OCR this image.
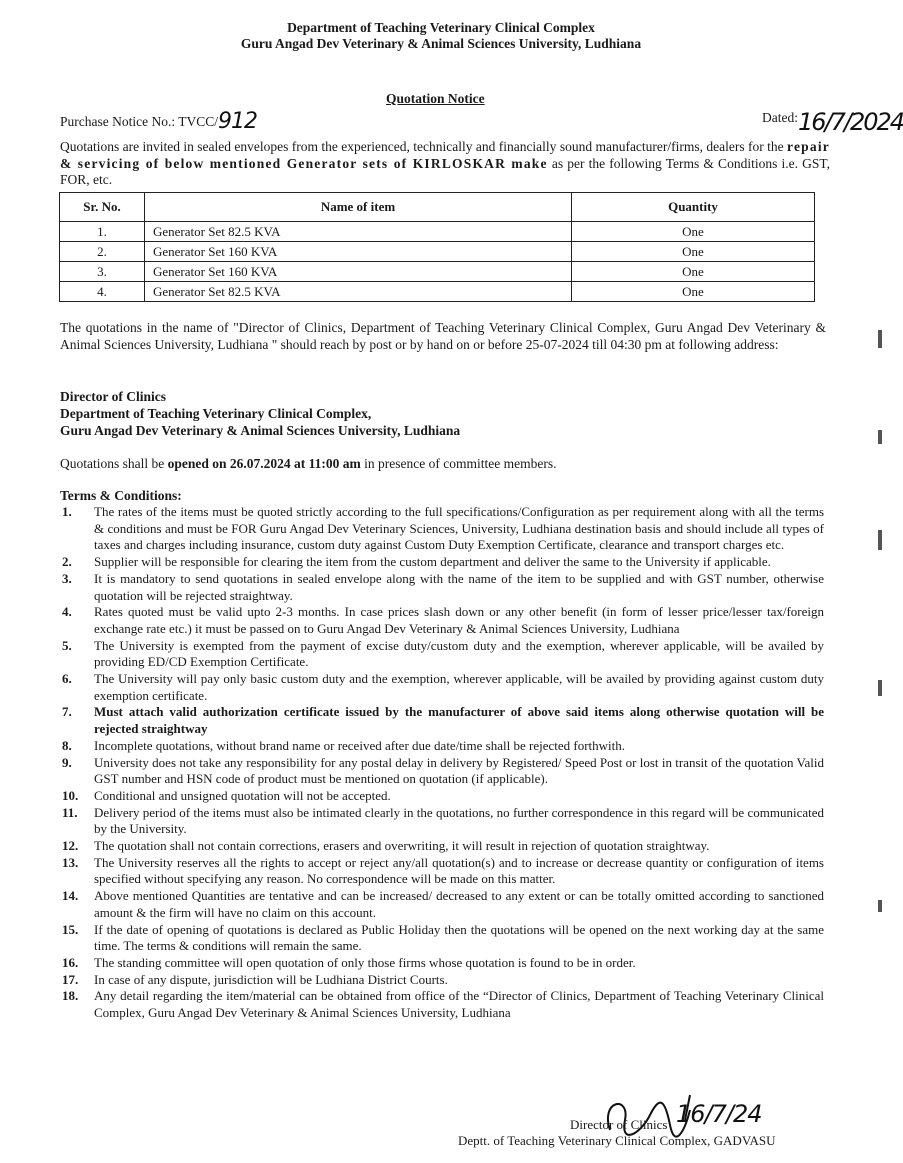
Department of Teaching Veterinary Clinical Complex
Guru Angad Dev Veterinary & Animal Sciences University, Ludhiana
Quotation Notice
Purchase Notice No.: TVCC/912	Dated:16/7/2024
Quotations are invited in sealed envelopes from the experienced, technically and financially sound manufacturer/firms, dealers for the repair & servicing of below mentioned Generator sets of KIRLOSKAR make as per the following Terms & Conditions i.e. GST, FOR, etc.
Sr. No.	Name of item	Quantity
1.	Generator Set 82.5 KVA	One
2.	Generator Set 160 KVA	One
3.	Generator Set 160 KVA	One
4.	Generator Set 82.5 KVA	One
The quotations in the name of "Director of Clinics, Department of Teaching Veterinary Clinical Complex, Guru Angad Dev Veterinary & Animal Sciences University, Ludhiana " should reach by post or by hand on or before 25-07-2024 till 04:30 pm at following address:
Director of Clinics
Department of Teaching Veterinary Clinical Complex,
Guru Angad Dev Veterinary & Animal Sciences University, Ludhiana
Quotations shall be opened on 26.07.2024 at 11:00 am in presence of committee members.
Terms & Conditions:
1.	The rates of the items must be quoted strictly according to the full specifications/Configuration as per requirement along with all the terms & conditions and must be FOR Guru Angad Dev Veterinary Sciences, University, Ludhiana destination basis and should include all types of taxes and charges including insurance, custom duty against Custom Duty Exemption Certificate, clearance and transport charges etc.
2.	Supplier will be responsible for clearing the item from the custom department and deliver the same to the University if applicable.
3.	It is mandatory to send quotations in sealed envelope along with the name of the item to be supplied and with GST number, otherwise quotation will be rejected straightway.
4.	Rates quoted must be valid upto 2-3 months. In case prices slash down or any other benefit (in form of lesser price/lesser tax/foreign exchange rate etc.) it must be passed on to Guru Angad Dev Veterinary & Animal Sciences University, Ludhiana
5.	The University is exempted from the payment of excise duty/custom duty and the exemption, wherever applicable, will be availed by providing ED/CD Exemption Certificate.
6.	The University will pay only basic custom duty and the exemption, wherever applicable, will be availed by providing against custom duty exemption certificate.
7.	Must attach valid authorization certificate issued by the manufacturer of above said items along otherwise quotation will be rejected straightway
8.	Incomplete quotations, without brand name or received after due date/time shall be rejected forthwith.
9.	University does not take any responsibility for any postal delay in delivery by Registered/ Speed Post or lost in transit of the quotation Valid GST number and HSN code of product must be mentioned on quotation (if applicable).
10.	Conditional and unsigned quotation will not be accepted.
11.	Delivery period of the items must also be intimated clearly in the quotations, no further correspondence in this regard will be communicated by the University.
12.	The quotation shall not contain corrections, erasers and overwriting, it will result in rejection of quotation straightway.
13.	The University reserves all the rights to accept or reject any/all quotation(s) and to increase or decrease quantity or configuration of items specified without specifying any reason. No correspondence will be made on this matter.
14.	Above mentioned Quantities are tentative and can be increased/ decreased to any extent or can be totally omitted according to sanctioned amount & the firm will have no claim on this account.
15.	If the date of opening of quotations is declared as Public Holiday then the quotations will be opened on the next working day at the same time. The terms & conditions will remain the same.
16.	The standing committee will open quotation of only those firms whose quotation is found to be in order.
17.	In case of any dispute, jurisdiction will be Ludhiana District Courts.
18.	Any detail regarding the item/material can be obtained from office of the “Director of Clinics, Department of Teaching Veterinary Clinical Complex, Guru Angad Dev Veterinary & Animal Sciences University, Ludhiana
16/7/24
Director of Clinics
Deptt. of Teaching Veterinary Clinical Complex, GADVASU
